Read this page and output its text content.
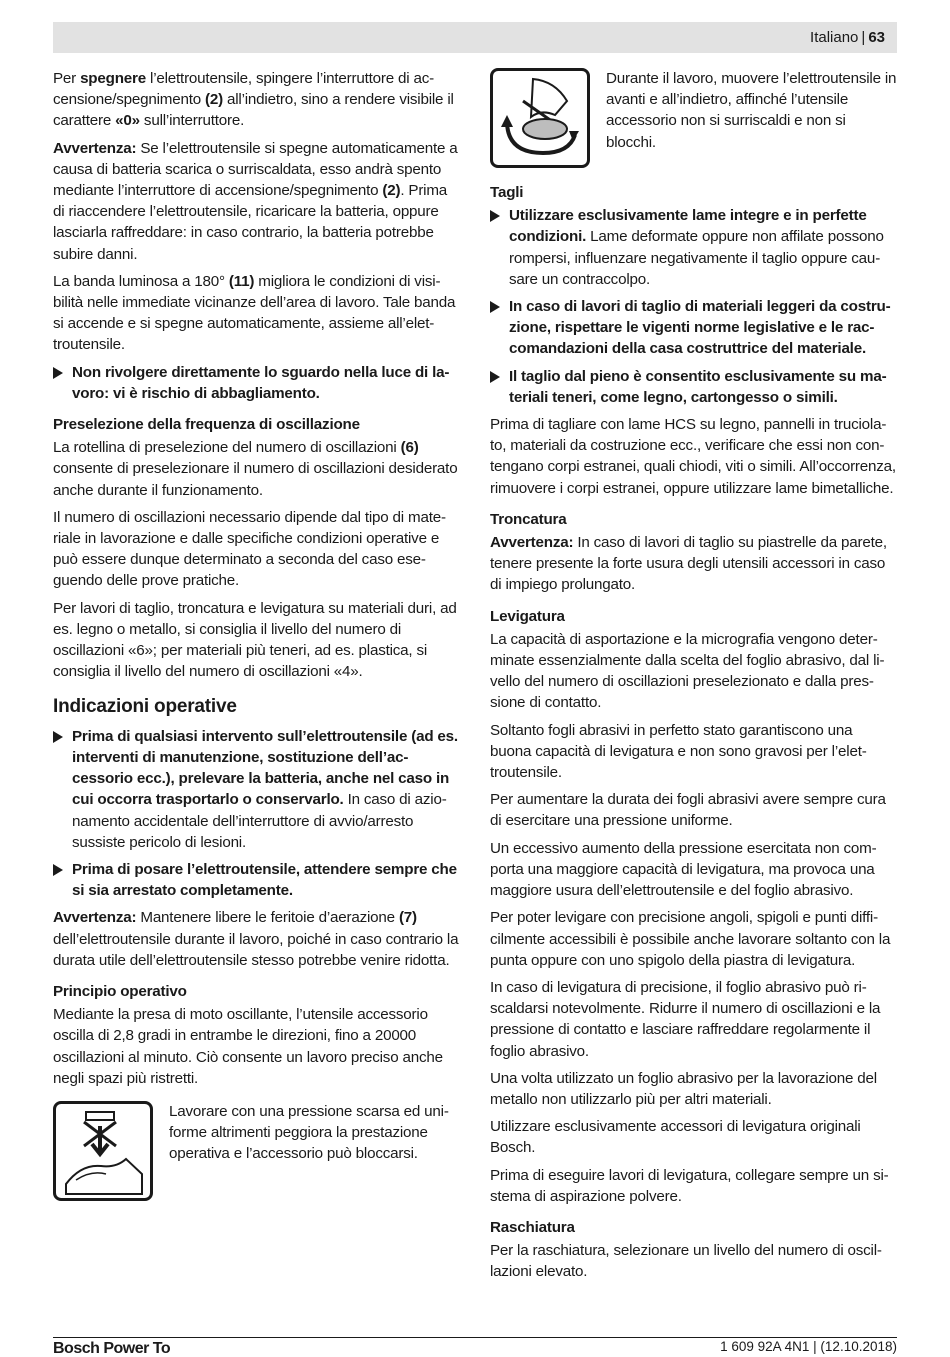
Italiano | 63

Per spegnere l’elettroutensile, spingere l’interruttore di accensione/spegnimento (2) all’indietro, sino a rendere visibile il carattere «0» sull’interruttore.

Avvertenza: Se l’elettroutensile si spegne automaticamente a causa di batteria scarica o surriscaldata, esso andrà spento mediante l’interruttore di accensione/spegnimento (2). Prima di riaccendere l’elettroutensile, ricaricare la batteria, oppure lasciarla raffreddare: in caso contrario, la batteria potrebbe subire danni.

La banda luminosa a 180° (11) migliora le condizioni di visibilità nelle immediate vicinanze dell’area di lavoro. Tale banda si accende e si spegne automaticamente, assieme all’elettroutensile.

Non rivolgere direttamente lo sguardo nella luce di lavoro: vi è rischio di abbagliamento.
Preselezione della frequenza di oscillazione

La rotellina di preselezione del numero di oscillazioni (6) consente di preselezionare il numero di oscillazioni desiderato anche durante il funzionamento.

Il numero di oscillazioni necessario dipende dal tipo di materiale in lavorazione e dalle specifiche condizioni operative e può essere dunque determinato a seconda del caso eseguendo delle prove pratiche.

Per lavori di taglio, troncatura e levigatura su materiali duri, ad es. legno o metallo, si consiglia il livello del numero di oscillazioni «6»; per materiali più teneri, ad es. plastica, si consiglia il livello del numero di oscillazioni «4».

Indicazioni operative
Prima di qualsiasi intervento sull’elettroutensile (ad es. interventi di manutenzione, sostituzione dell’accessorio ecc.), prelevare la batteria, anche nel caso in cui occorra trasportarlo o conservarlo. In caso di azionamento accidentale dell’interruttore di avvio/arresto sussiste pericolo di lesioni.
Prima di posare l’elettroutensile, attendere sempre che si sia arrestato completamente.

Avvertenza: Mantenere libere le feritoie d’aerazione (7) dell’elettroutensile durante il lavoro, poiché in caso contrario la durata utile dell’elettroutensile stesso potrebbe venire ridotta.

Principio operativo

Mediante la presa di moto oscillante, l’utensile accessorio oscilla di 2,8 gradi in entrambe le direzioni, fino a 20000 oscillazioni al minuto. Ciò consente un lavoro preciso anche negli spazi più ristretti.

Lavorare con una pressione scarsa ed uniforme altrimenti peggiora la prestazione operativa e l’accessorio può bloccarsi.
Durante il lavoro, muovere l’elettroutensile in avanti e all’indietro, affinché l’utensile accessorio non si surriscaldi e non si blocchi.
Tagli
Utilizzare esclusivamente lame integre e in perfette condizioni. Lame deformate oppure non affilate possono rompersi, influenzare negativamente il taglio oppure causare un contraccolpo.
In caso di lavori di taglio di materiali leggeri da costruzione, rispettare le vigenti norme legislative e le raccomandazioni della casa costruttrice del materiale.
Il taglio dal pieno è consentito esclusivamente su materiali teneri, come legno, cartongesso o simili.

Prima di tagliare con lame HCS su legno, pannelli in truciolato, materiali da costruzione ecc., verificare che essi non contengano corpi estranei, quali chiodi, viti o simili. All’occorrenza, rimuovere i corpi estranei, oppure utilizzare lame bimetalliche.

Troncatura

Avvertenza: In caso di lavori di taglio su piastrelle da parete, tenere presente la forte usura degli utensili accessori in caso di impiego prolungato.

Levigatura

La capacità di asportazione e la micrografia vengono determinate essenzialmente dalla scelta del foglio abrasivo, dal livello del numero di oscillazioni preselezionato e dalla pressione di contatto.

Soltanto fogli abrasivi in perfetto stato garantiscono una buona capacità di levigatura e non sono gravosi per l’elettroutensile.

Per aumentare la durata dei fogli abrasivi avere sempre cura di esercitare una pressione uniforme.

Un eccessivo aumento della pressione esercitata non comporta una maggiore capacità di levigatura, ma provoca una maggiore usura dell’elettroutensile e del foglio abrasivo.

Per poter levigare con precisione angoli, spigoli e punti difficilmente accessibili è possibile anche lavorare soltanto con la punta oppure con uno spigolo della piastra di levigatura.

In caso di levigatura di precisione, il foglio abrasivo può riscaldarsi notevolmente. Ridurre il numero di oscillazioni e la pressione di contatto e lasciare raffreddare regolarmente il foglio abrasivo.

Una volta utilizzato un foglio abrasivo per la lavorazione del metallo non utilizzarlo più per altri materiali.

Utilizzare esclusivamente accessori di levigatura originali Bosch.

Prima di eseguire lavori di levigatura, collegare sempre un sistema di aspirazione polvere.

Raschiatura

Per la raschiatura, selezionare un livello del numero di oscillazioni elevato.

Bosch Power To	1 609 92A 4N1 | (12.10.2018)
